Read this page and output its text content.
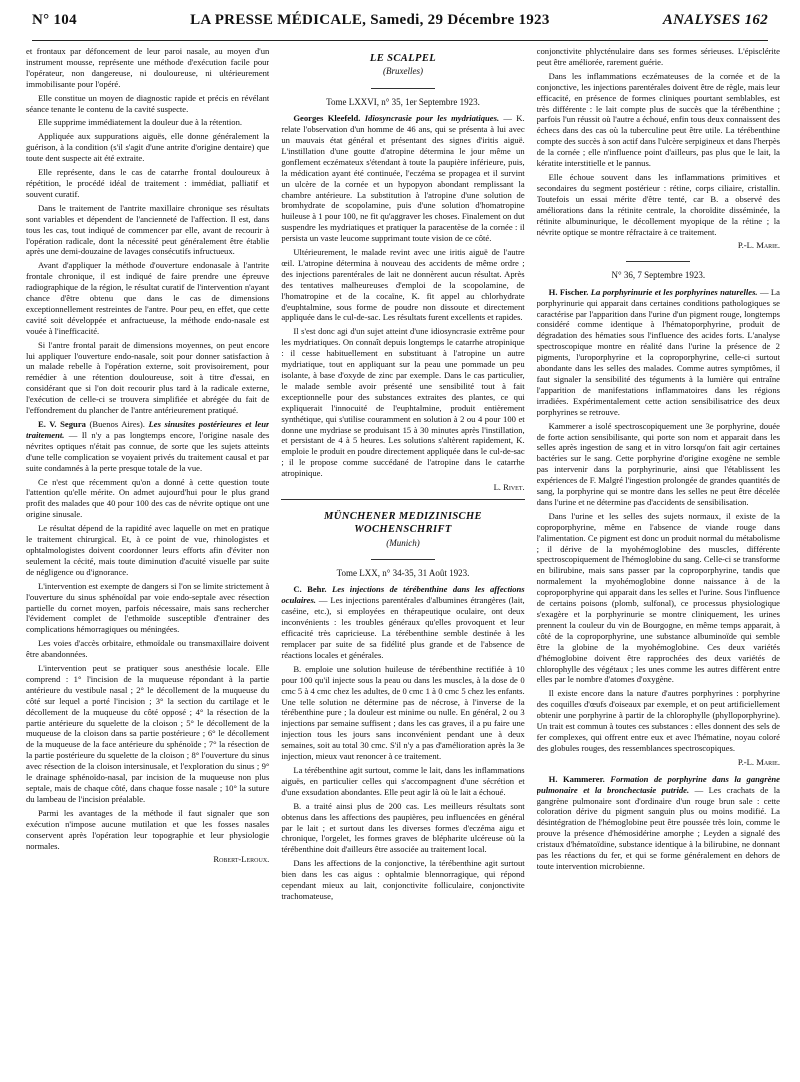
N° 104	LA PRESSE MÉDICALE, Samedi, 29 Décembre 1923	ANALYSES 162

et frontaux par défoncement de leur paroi nasale, au moyen d'un instrument mousse, représente une méthode d'exécution facile pour l'opérateur, non dangereuse, ni douloureuse, ni ultérieurement immobilisante pour l'opéré.

Elle constitue un moyen de diagnostic rapide et précis en révélant séance tenante le contenu de la cavité suspecte.

Elle supprime immédiatement la douleur due à la rétention.

Appliquée aux suppurations aiguës, elle donne généralement la guérison, à la condition (s'il s'agit d'une antrite d'origine dentaire) que toute dent suspecte ait été extraite.

Elle représente, dans le cas de catarrhe frontal douloureux à répétition, le procédé idéal de traitement : immédiat, palliatif et souvent curatif.

Dans le traitement de l'antrite maxillaire chronique ses résultats sont variables et dépendent de l'ancienneté de l'affection. Il est, dans tous les cas, tout indiqué de commencer par elle, avant de recourir à l'opération radicale, dont la nécessité peut généralement être établie après une demi-douzaine de lavages consécutifs infructueux.

Avant d'appliquer la méthode d'ouverture endonasale à l'antrite frontale chronique, il est indiqué de faire prendre une épreuve radiographique de la région, le résultat curatif de l'intervention n'ayant chance d'être obtenu que dans le cas de dimensions exceptionnellement restreintes de l'antre. Pour peu, en effet, que cette cavité soit développée et anfractueuse, la méthode endo-nasale est vouée à l'inefficacité.

Si l'antre frontal parait de dimensions moyennes, on peut encore lui appliquer l'ouverture endo-nasale, soit pour donner satisfaction à un malade rebelle à l'opération externe, soit provisoirement, pour remédier à une rétention douloureuse, soit à titre d'essai, en considérant que si l'on doit recourir plus tard à la radicale externe, l'exécution de celle-ci se trouvera simplifiée et abrégée du fait de l'effondrement du plancher de l'antre antérieurement pratiqué.

E. V. Segura (Buenos Aires). Les sinusites postérieures et leur traitement. — Il n'y a pas longtemps encore, l'origine nasale des névrites optiques n'était pas connue, de sorte que les sujets atteints d'une telle complication se voyaient privés du traitement causal et par suite condamnés à la perte presque totale de la vue.

Ce n'est que récemment qu'on a donné à cette question toute l'attention qu'elle mérite. On admet aujourd'hui pour le plus grand profit des malades que 40 pour 100 des cas de névrite optique ont une origine sinusale.

Le résultat dépend de la rapidité avec laquelle on met en pratique le traitement chirurgical. Et, à ce point de vue, rhinologistes et ophtalmologistes doivent coordonner leurs efforts afin d'éviter non seulement la cécité, mais toute diminution d'acuité visuelle par suite de négligence ou d'ignorance.

L'intervention est exempte de dangers si l'on se limite strictement à l'ouverture du sinus sphénoïdal par voie endo-septale avec résection partielle du cornet moyen, parfois nécessaire, mais sans rechercher l'évidement complet de l'ethmoïde susceptible d'entrainer des complications hémorragiques ou méningées.

Les voies d'accès orbitaire, ethmoïdale ou transmaxillaire doivent être abandonnées.

L'intervention peut se pratiquer sous anesthésie locale. Elle comprend : 1° l'incision de la muqueuse répondant à la partie antérieure du vestibule nasal ; 2° le décollement de la muqueuse du côté sur lequel a porté l'incision ; 3° la section du cartilage et le décollement de la muqueuse du côté opposé ; 4° la résection de la partie antérieure du squelette de la cloison ; 5° le décollement de la muqueuse de la cloison dans sa partie postérieure ; 6° le décollement de la muqueuse de la face antérieure du sphénoïde ; 7° la résection de la partie postérieure du squelette de la cloison ; 8° l'ouverture du sinus avec résection de la cloison intersinusale, et l'exploration du sinus ; 9° le drainage sphénoïdo-nasal, par incision de la muqueuse non plus septale, mais de chaque côté, dans chaque fosse nasale ; 10° la suture du lambeau de l'incision préalable.

Parmi les avantages de la méthode il faut signaler que son exécution n'impose aucune mutilation et que les fosses nasales conservent après l'opération leur topographie et leur physiologie normales.

Robert-Leroux.

LE SCALPEL
(Bruxelles)
Tome LXXVI, n° 35, 1er Septembre 1923.

Georges Kleefeld. Idiosyncrasie pour les mydriatiques. — K. relate l'observation d'un homme de 46 ans, qui se présenta à lui avec un mauvais état général et présentant des signes d'iritis aiguë. L'instillation d'une goutte d'atropine détermina le jour même un gonflement eczémateux s'étendant à toute la paupière inférieure, puis, la médication ayant été continuée, l'eczéma se propagea et il survint un ulcère de la cornée et un hypopyon abondant remplissant la chambre antérieure. La substitution à l'atropine d'une solution de bromhydrate de scopolamine, puis d'une solution d'homatropine huileuse à 1 pour 100, ne fit qu'aggraver les choses. Finalement on dut suspendre les mydriatiques et pratiquer la paracentèse de la cornée : il persista un vaste leucome supprimant toute vision de ce côté.

Ultérieurement, le malade revint avec une iritis aiguë de l'autre œil. L'atropine détermina à nouveau des accidents de même ordre ; des injections parentérales de lait ne donnèrent aucun résultat. Après des tentatives malheureuses d'emploi de la scopolamine, de l'homatropine et de la cocaïne, K. fit appel au chlorhydrate d'euphtalmine, sous forme de poudre non dissoute et directement appliquée dans le cul-de-sac. Les résultats furent excellents et rapides.

Il s'est donc agi d'un sujet atteint d'une idiosyncrasie extrême pour les mydriatiques. On connaît depuis longtemps le catarrhe atropinique : il cesse habituellement en substituant à l'atropine un autre mydriatique, tout en appliquant sur la peau une pommade un peu isolante, à base d'oxyde de zinc par exemple. Dans le cas particulier, le malade semble avoir présenté une sensibilité tout à fait exceptionnelle pour des substances extraites des plantes, ce qui expliquerait l'innocuité de l'euphtalmine, produit entièrement synthétique, qui s'utilise couramment en solution à 2 ou 4 pour 100 et donne une mydriase se produisant 15 à 30 minutes après l'instillation, et persistant de 4 à 5 heures. Les solutions s'altèrent rapidement, K. emploie le produit en poudre directement appliquée dans le cul-de-sac ; il le propose comme succédané de l'atropine dans le catarrhe atropinique.

L. Rivet.

MÜNCHENER MEDIZINISCHE WOCHENSCHRIFT
(Munich)
Tome LXX, n° 34-35, 31 Août 1923.

C. Behr. Les injections de térébenthine dans les affections oculaires. — Les injections parentérales d'albumines étrangères (lait, caséine, etc.), si employées en thérapeutique oculaire, ont deux inconvénients : les troubles généraux qu'elles provoquent et leur efficacité très capricieuse. La térébenthine semble destinée à les remplacer par suite de sa fidélité plus grande et de l'absence de réactions locales et générales.

B. emploie une solution huileuse de térébenthine rectifiée à 10 pour 100 qu'il injecte sous la peau ou dans les muscles, à la dose de 0 cmc 5 à 4 cmc chez les adultes, de 0 cmc 1 à 0 cmc 5 chez les enfants. Une telle solution ne détermine pas de nécrose, à l'inverse de la térébenthine pure ; la douleur est minime ou nulle. En général, 2 ou 3 injections par semaine suffisent ; dans les cas graves, il a pu faire une injection tous les jours sans inconvénient pendant une à deux semaines, soit au total 30 cmc. S'il n'y a pas d'amélioration après la 3e injection, mieux vaut renoncer à ce traitement.

La térébenthine agit surtout, comme le lait, dans les inflammations aiguës, en particulier celles qui s'accompagnent d'une sécrétion et d'une exsudation abondantes. Elle peut agir là où le lait a échoué.

B. a traité ainsi plus de 200 cas. Les meilleurs résultats sont obtenus dans les affections des paupières, peu influencées en général par le lait ; et surtout dans les diverses formes d'eczéma aigu et chronique, l'orgelet, les formes graves de blépharite ulcéreuse où la térébenthine doit d'ailleurs être associée au traitement local.

Dans les affections de la conjonctive, la térébenthine agit surtout bien dans les cas aigus : ophtalmie blennorragique, qui répond cependant mieux au lait, conjonctivite folliculaire, conjonctivite trachomateuse,

conjonctivite phlycténulaire dans ses formes sérieuses. L'épisclérite peut être améliorée, rarement guérie.

Dans les inflammations eczémateuses de la cornée et de la conjonctive, les injections parentérales doivent être de règle, mais leur efficacité, en présence de formes cliniques pourtant semblables, est très différente : le lait compte plus de succès que la térébenthine ; parfois l'un réussit où l'autre a échoué, enfin tous deux connaissent des échecs dans des cas où la tuberculine peut être utile. La térébenthine compte des succès à son actif dans l'ulcère serpigineux et dans l'herpès de la cornée ; elle n'influence point d'ailleurs, pas plus que le lait, la kératite interstitielle et le pannus.

Elle échoue souvent dans les inflammations primitives et secondaires du segment postérieur : rétine, corps ciliaire, cristallin. Toutefois un essai mérite d'être tenté, car B. a observé des améliorations dans la rétinite centrale, la choroïdite disséminée, la rétinite albuminurique, le décollement myopique de la rétine ; la névrite optique se montre réfractaire à ce traitement.

P.-L. Marie.

N° 36, 7 Septembre 1923.

H. Fischer. La porphyrinurie et les porphyrines naturelles. — La porphyrinurie qui apparait dans certaines conditions pathologiques se caractérise par l'apparition dans l'urine d'un pigment rouge, longtemps considéré comme identique à l'hématoporphyrine, produit de dégradation des hématies sous l'influence des acides forts. L'analyse spectroscopique montre en réalité dans l'urine la présence de 2 pigments, l'uroporphyrine et la coproporphyrine, celle-ci surtout abondante dans les selles des malades. Comme autres symptômes, il faut signaler la sensibilité des téguments à la lumière qui entraîne l'apparition de manifestations inflammatoires dans les régions irradiées. Expérimentalement cette action sensibilisatrice des deux porphyrines se retrouve.

Kammerer a isolé spectroscopiquement une 3e porphyrine, douée de forte action sensibilisante, qui porte son nom et apparait dans les selles après ingestion de sang et in vitro lorsqu'on fait agir certaines bactéries sur le sang. Cette porphyrine d'origine exogène ne semble pas intervenir dans la porphyrinurie, ainsi que l'établissent les expériences de F. Malgré l'ingestion prolongée de grandes quantités de sang, la porphyrine qui se montre dans les selles ne peut être décelée dans l'urine et ne détermine pas d'accidents de sensibilisation.

Dans l'urine et les selles des sujets normaux, il existe de la coproporphyrine, même en l'absence de viande rouge dans l'alimentation. Ce pigment est donc un produit normal du métabolisme ; il dérive de la myohémoglobine des muscles, différente spectroscopiquement de l'hémoglobine du sang. Celle-ci se transforme en bilirubine, mais sans passer par la coproporphyrine, tandis que normalement la myohémoglobine donne naissance à de la coproporphyrine qui apparait dans les selles et l'urine. Sous l'influence de certains poisons (plomb, sulfonal), ce processus physiologique s'exagère et la porphyrinurie se montre cliniquement, les urines prennent la couleur du vin de Bourgogne, en même temps apparait, à côté de la coproporphyrine, une substance albuminoïde qui semble être la globine de la myohémoglobine. Ces deux variétés d'hémoglobine doivent être rapprochées des deux variétés de chlorophylle des végétaux ; les unes comme les autres diffèrent entre elles par le nombre d'atomes d'oxygène.

Il existe encore dans la nature d'autres porphyrines : porphyrine des coquilles d'œufs d'oiseaux par exemple, et on peut artificiellement obtenir une porphyrine à partir de la chlorophylle (phylloporphyrine). Un trait est commun à toutes ces substances : elles donnent des sels de fer complexes, qui offrent entre eux et avec l'hématine, noyau coloré des globules rouges, des ressemblances spectroscopiques.

P.-L. Marie.

H. Kammerer. Formation de porphyrine dans la gangrène pulmonaire et la bronchectasie putride. — Les crachats de la gangrène pulmonaire sont d'ordinaire d'un rouge brun sale : cette coloration dérive du pigment sanguin plus ou moins modifié. La désintégration de l'hémoglobine peut être poussée très loin, comme le prouve la présence d'hémosidérine amorphe ; Leyden a signalé des cristaux d'hématoïdine, substance identique à la bilirubine, ne donnant pas les réactions du fer, et qui se forme généralement en dehors de toute intervention microbienne.
